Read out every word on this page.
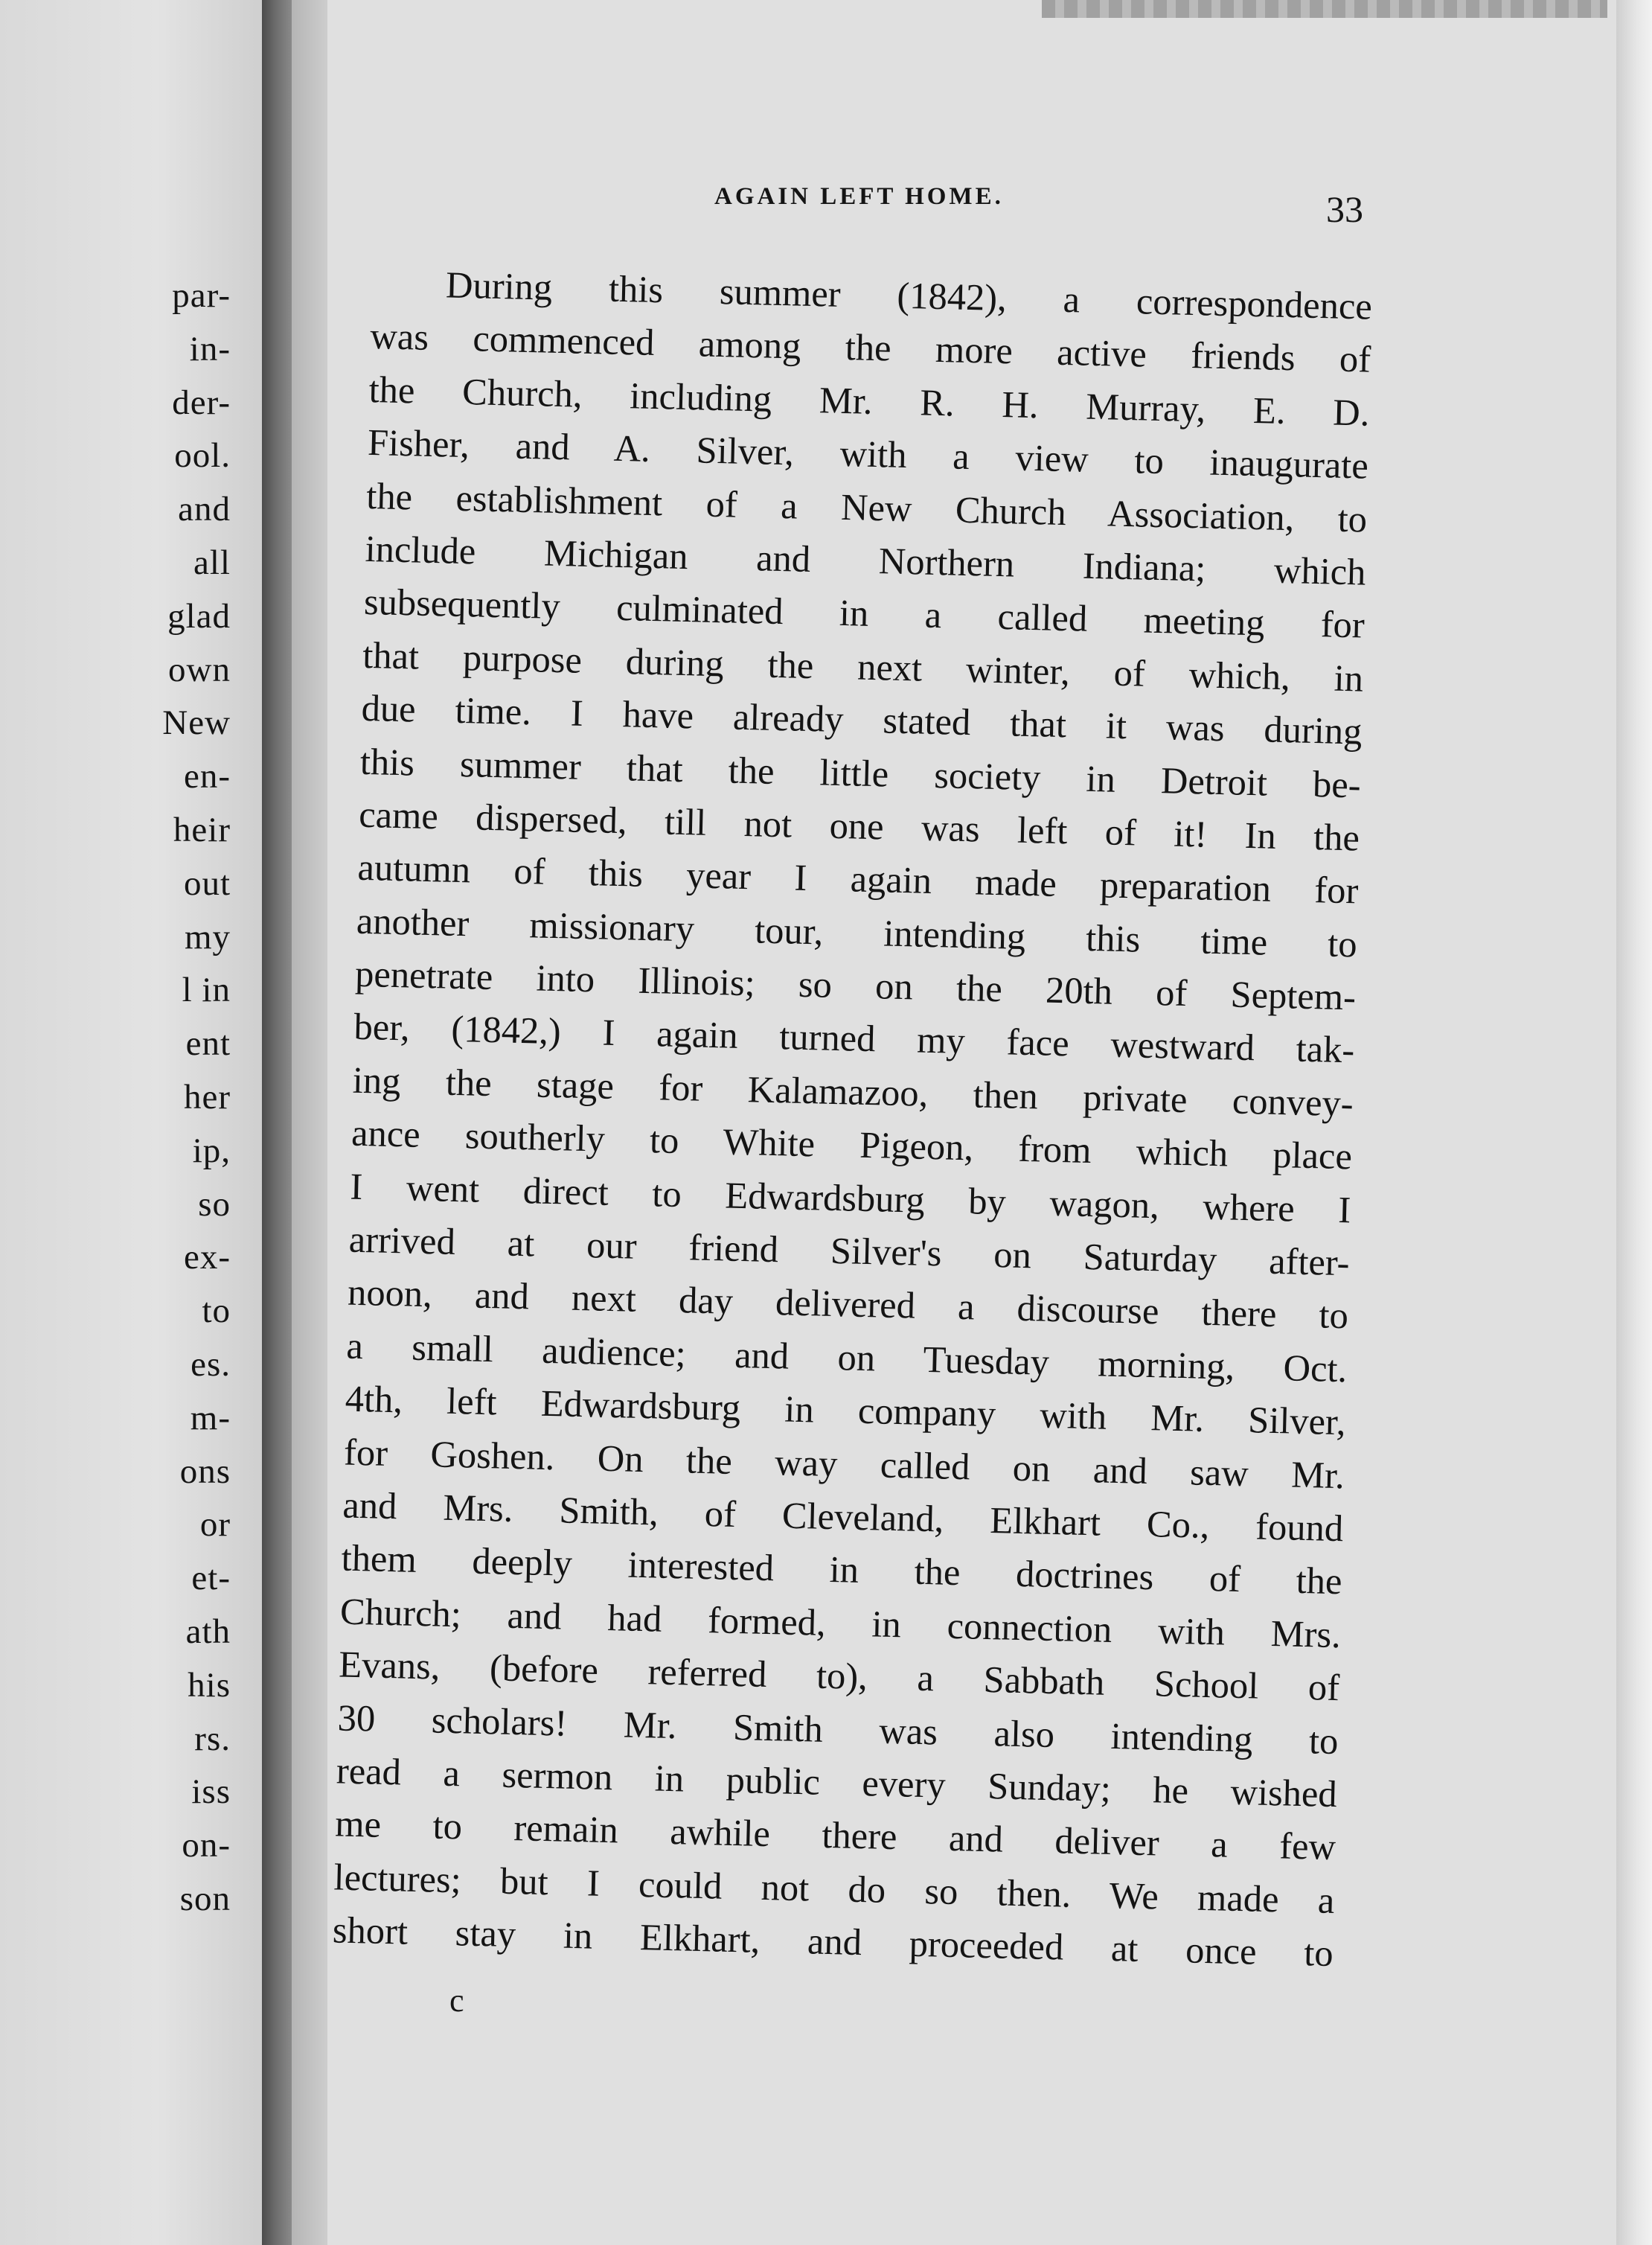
par-
in-
der-
ool.
and
all
glad
own
New
en-
heir
out
my
l in
ent
her
ip,
so
ex-
to
es.
m-
ons
or
et-
ath
his
rs.
iss
on-
son
AGAIN LEFT HOME.	33
During this summer (1842), a correspondence
was commenced among the more active friends of
the Church, including Mr. R. H. Murray, E. D.
Fisher, and A. Silver, with a view to inaugurate
the establishment of a New Church Association, to
include Michigan and Northern Indiana; which
subsequently culminated in a called meeting for
that purpose during the next winter, of which, in
due time. I have already stated that it was during
this summer that the little society in Detroit be-
came dispersed, till not one was left of it! In the
autumn of this year I again made preparation for
another missionary tour, intending this time to
penetrate into Illinois; so on the 20th of Septem-
ber, (1842,) I again turned my face westward tak-
ing the stage for Kalamazoo, then private convey-
ance southerly to White Pigeon, from which place
I went direct to Edwardsburg by wagon, where I
arrived at our friend Silver's on Saturday after-
noon, and next day delivered a discourse there to
a small audience; and on Tuesday morning, Oct.
4th, left Edwardsburg in company with Mr. Silver,
for Goshen. On the way called on and saw Mr.
and Mrs. Smith, of Cleveland, Elkhart Co., found
them deeply interested in the doctrines of the
Church; and had formed, in connection with Mrs.
Evans, (before referred to), a Sabbath School of
30 scholars! Mr. Smith was also intending to
read a sermon in public every Sunday; he wished
me to remain awhile there and deliver a few
lectures; but I could not do so then. We made a
short stay in Elkhart, and proceeded at once to
c
